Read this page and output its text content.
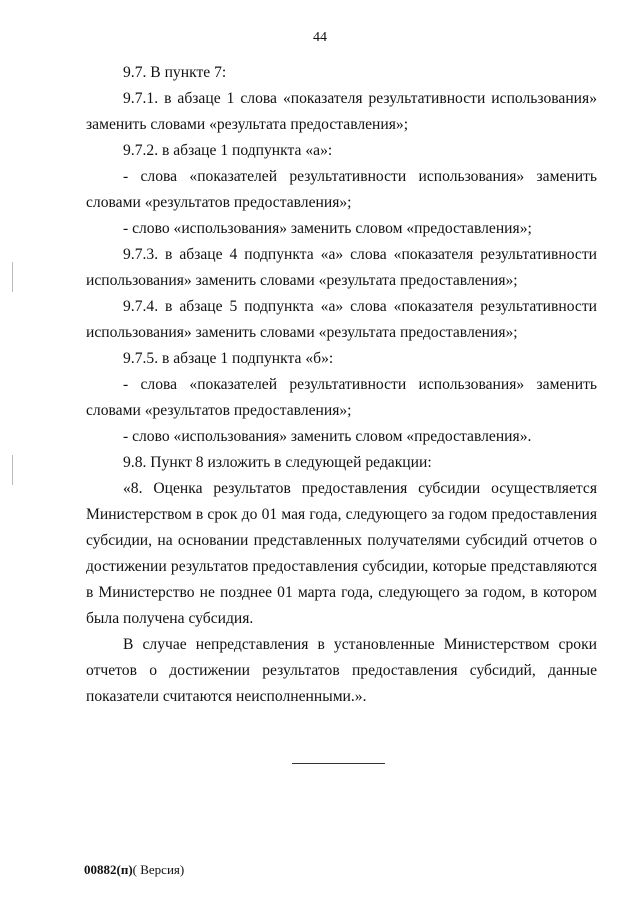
44

9.7. В пункте 7:

9.7.1. в абзаце 1 слова «показателя результативности использования» заменить словами «результата предоставления»;

9.7.2. в абзаце 1 подпункта «а»:

- слова «показателей результативности использования» заменить словами «результатов предоставления»;

- слово «использования» заменить словом «предоставления»;

9.7.3. в абзаце 4 подпункта «а» слова «показателя результативности использования» заменить словами «результата предоставления»;

9.7.4. в абзаце 5 подпункта «а» слова «показателя результативности использования» заменить словами «результата предоставления»;

9.7.5. в абзаце 1 подпункта «б»:

- слова «показателей результативности использования» заменить словами «результатов предоставления»;

- слово «использования» заменить словом «предоставления».

9.8. Пункт 8 изложить в следующей редакции:

«8. Оценка результатов предоставления субсидии осуществляется Министерством в срок до 01 мая года, следующего за годом предоставления субсидии, на основании представленных получателями субсидий отчетов о достижении результатов предоставления субсидии, которые представляются в Министерство не позднее 01 марта года, следующего за годом, в котором была получена субсидия.

В случае непредставления в установленные Министерством сроки отчетов о достижении результатов предоставления субсидий, данные показатели считаются неисполненными.».

00882(п)( Версия)
